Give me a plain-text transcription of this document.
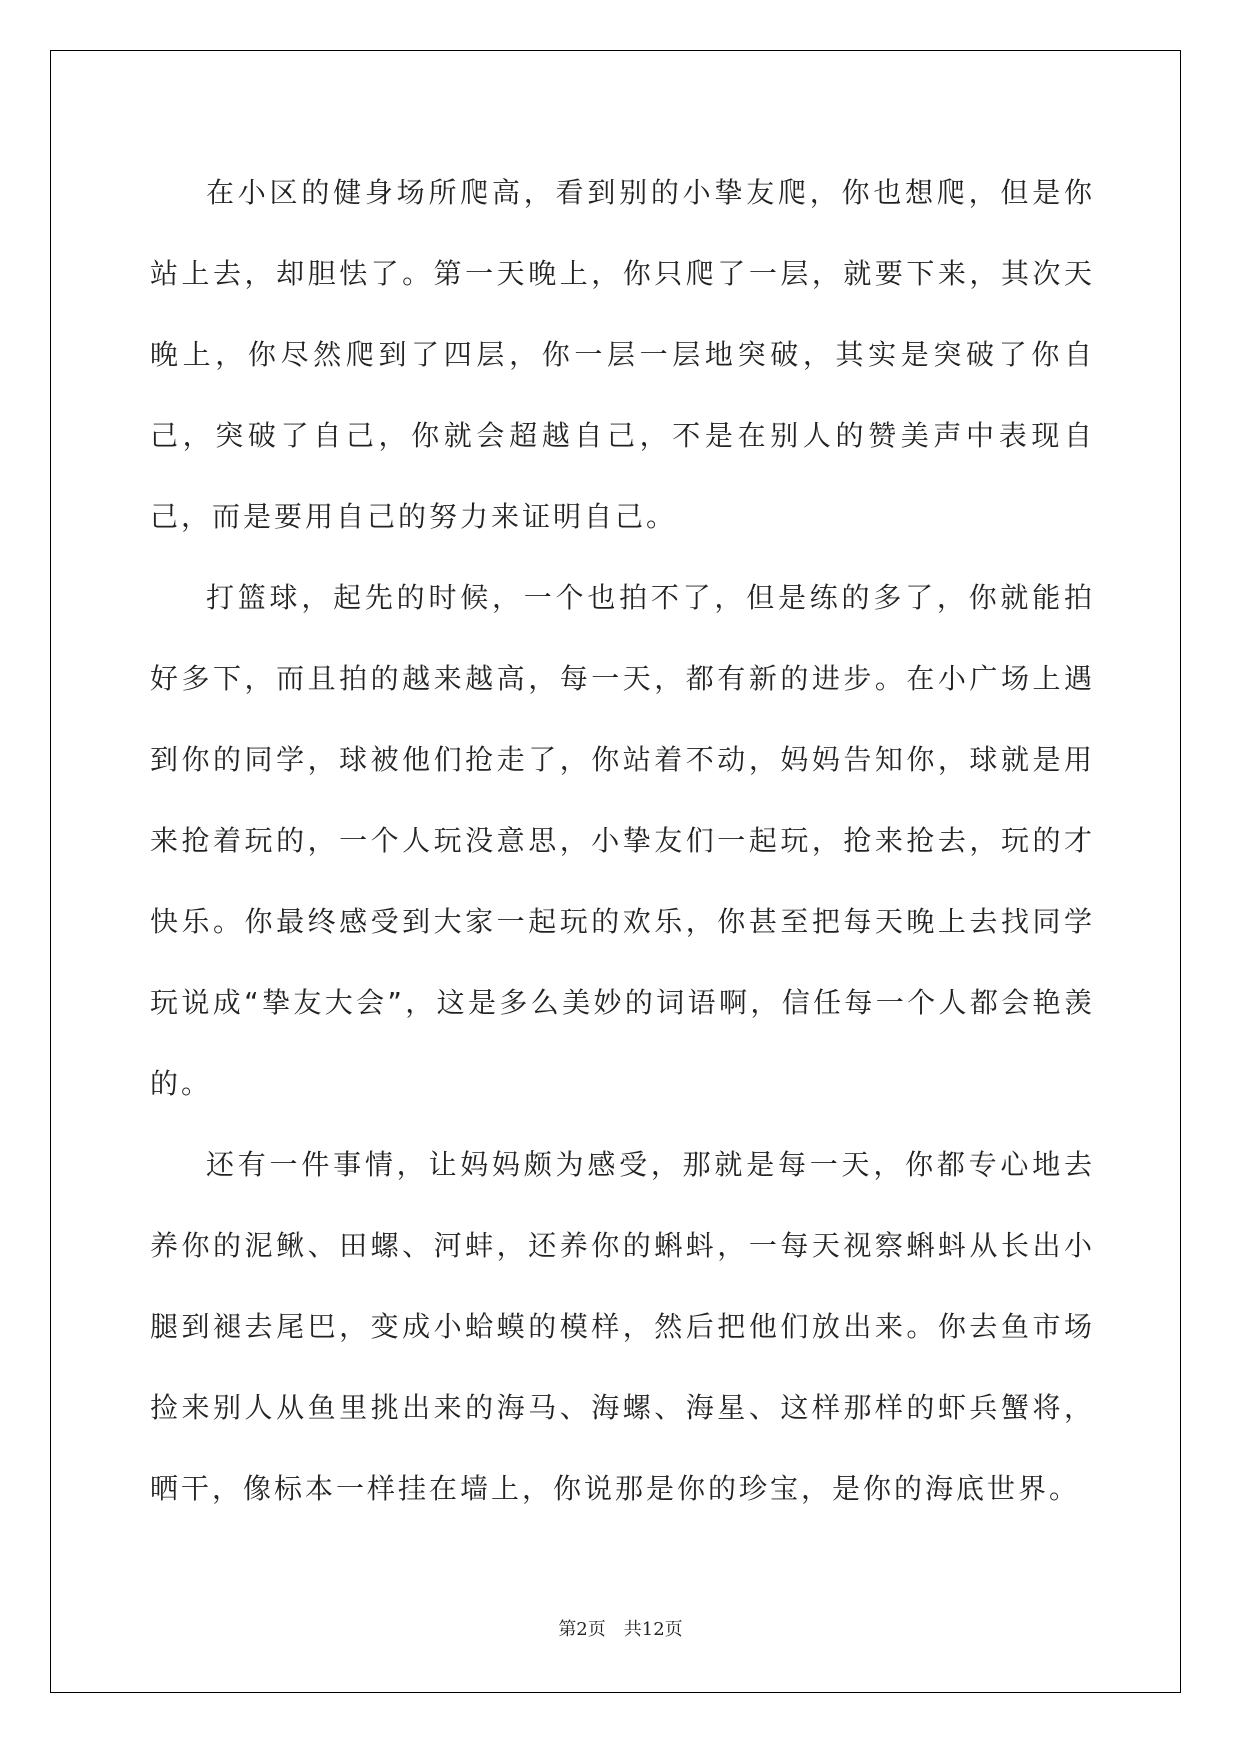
在小区的健身场所爬高，看到别的小挚友爬，你也想爬，但是你站上去，却胆怯了。第一天晚上，你只爬了一层，就要下来，其次天晚上，你尽然爬到了四层，你一层一层地突破，其实是突破了你自己，突破了自己，你就会超越自己，不是在别人的赞美声中表现自己，而是要用自己的努力来证明自己。

打篮球，起先的时候，一个也拍不了，但是练的多了，你就能拍好多下，而且拍的越来越高，每一天，都有新的进步。在小广场上遇到你的同学，球被他们抢走了，你站着不动，妈妈告知你，球就是用来抢着玩的，一个人玩没意思，小挚友们一起玩，抢来抢去，玩的才快乐。你最终感受到大家一起玩的欢乐，你甚至把每天晚上去找同学玩说成“挚友大会”，这是多么美妙的词语啊，信任每一个人都会艳羡的。

还有一件事情，让妈妈颇为感受，那就是每一天，你都专心地去养你的泥鳅、田螺、河蚌，还养你的蝌蚪，一每天视察蝌蚪从长出小腿到褪去尾巴，变成小蛤蟆的模样，然后把他们放出来。你去鱼市场捡来别人从鱼里挑出来的海马、海螺、海星、这样那样的虾兵蟹将，晒干，像标本一样挂在墙上，你说那是你的珍宝，是你的海底世界。

第2页 共12页
